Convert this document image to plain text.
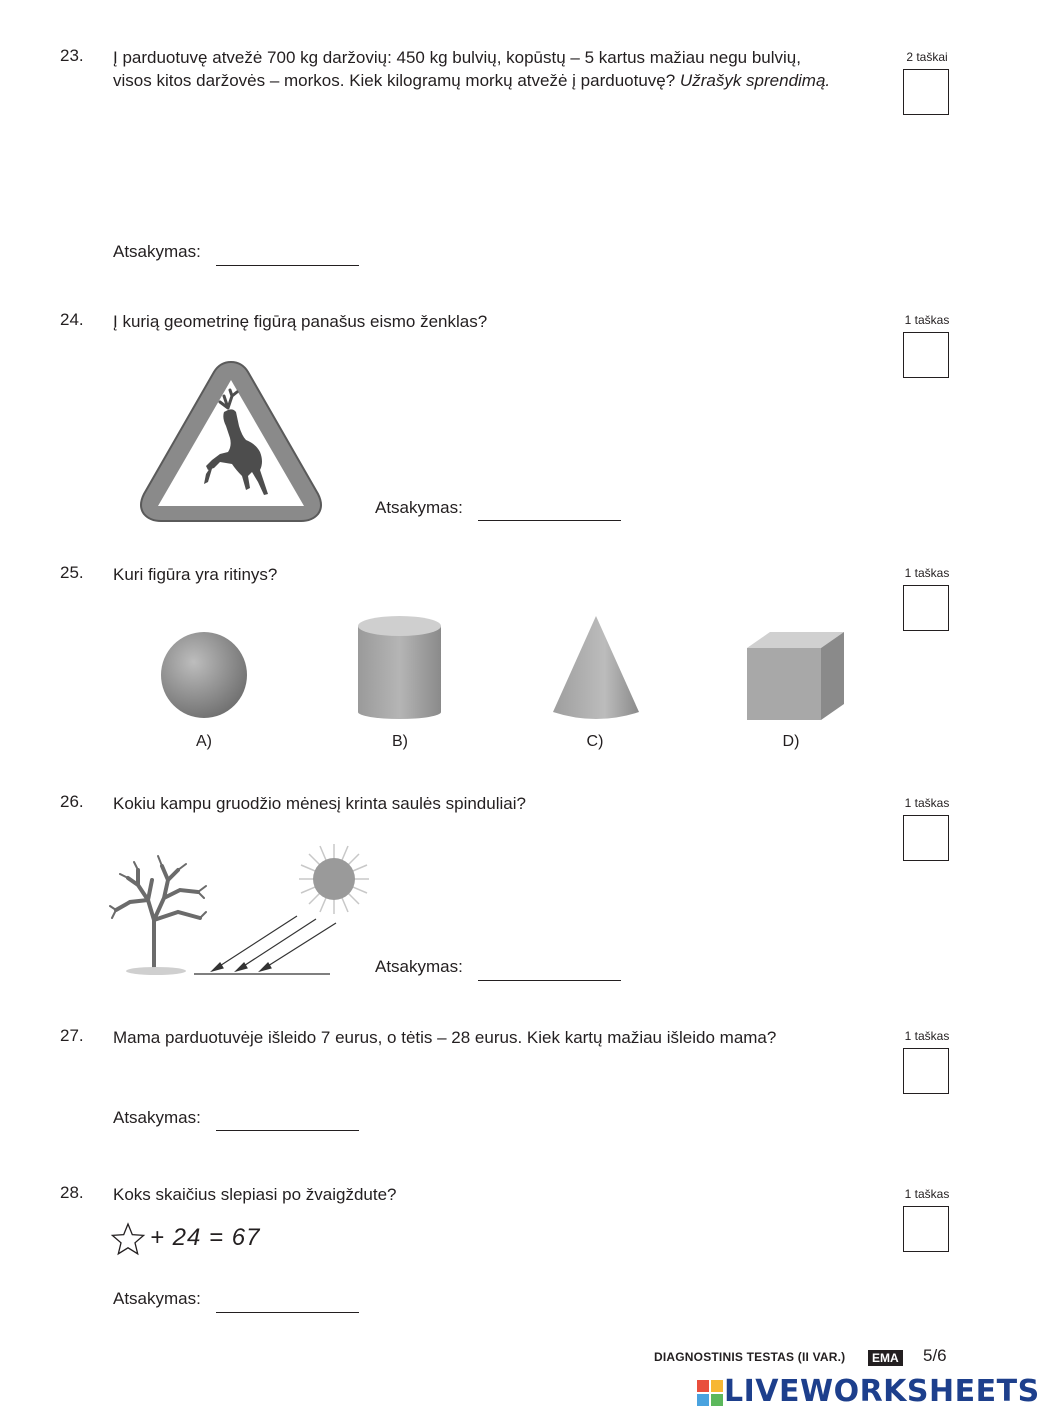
23. Į parduotuvę atvežė 700 kg daržovių: 450 kg bulvių, kopūstų – 5 kartus mažiau negu bulvių,
visos kitos daržovės – morkos. Kiek kilogramų morkų atvežė į parduotuvę? Užrašyk sprendimą.
2 taškai
Atsakymas:
24. Į kurią geometrinę figūrą panašus eismo ženklas?	1 taškas
Atsakymas:
25. Kuri figūra yra ritinys?	1 taškas
A)	B)	C)	D)
26. Kokiu kampu gruodžio mėnesį krinta saulės spinduliai?	1 taškas
Atsakymas:
27. Mama parduotuvėje išleido 7 eurus, o tėtis – 28 eurus. Kiek kartų mažiau išleido mama?	1 taškas
Atsakymas:
28. Koks skaičius slepiasi po žvaigždute?	1 taškas
+ 24 = 67
Atsakymas:
DIAGNOSTINIS TESTAS (II VAR.)	EMA 5/6
LIVEWORKSHEETS
